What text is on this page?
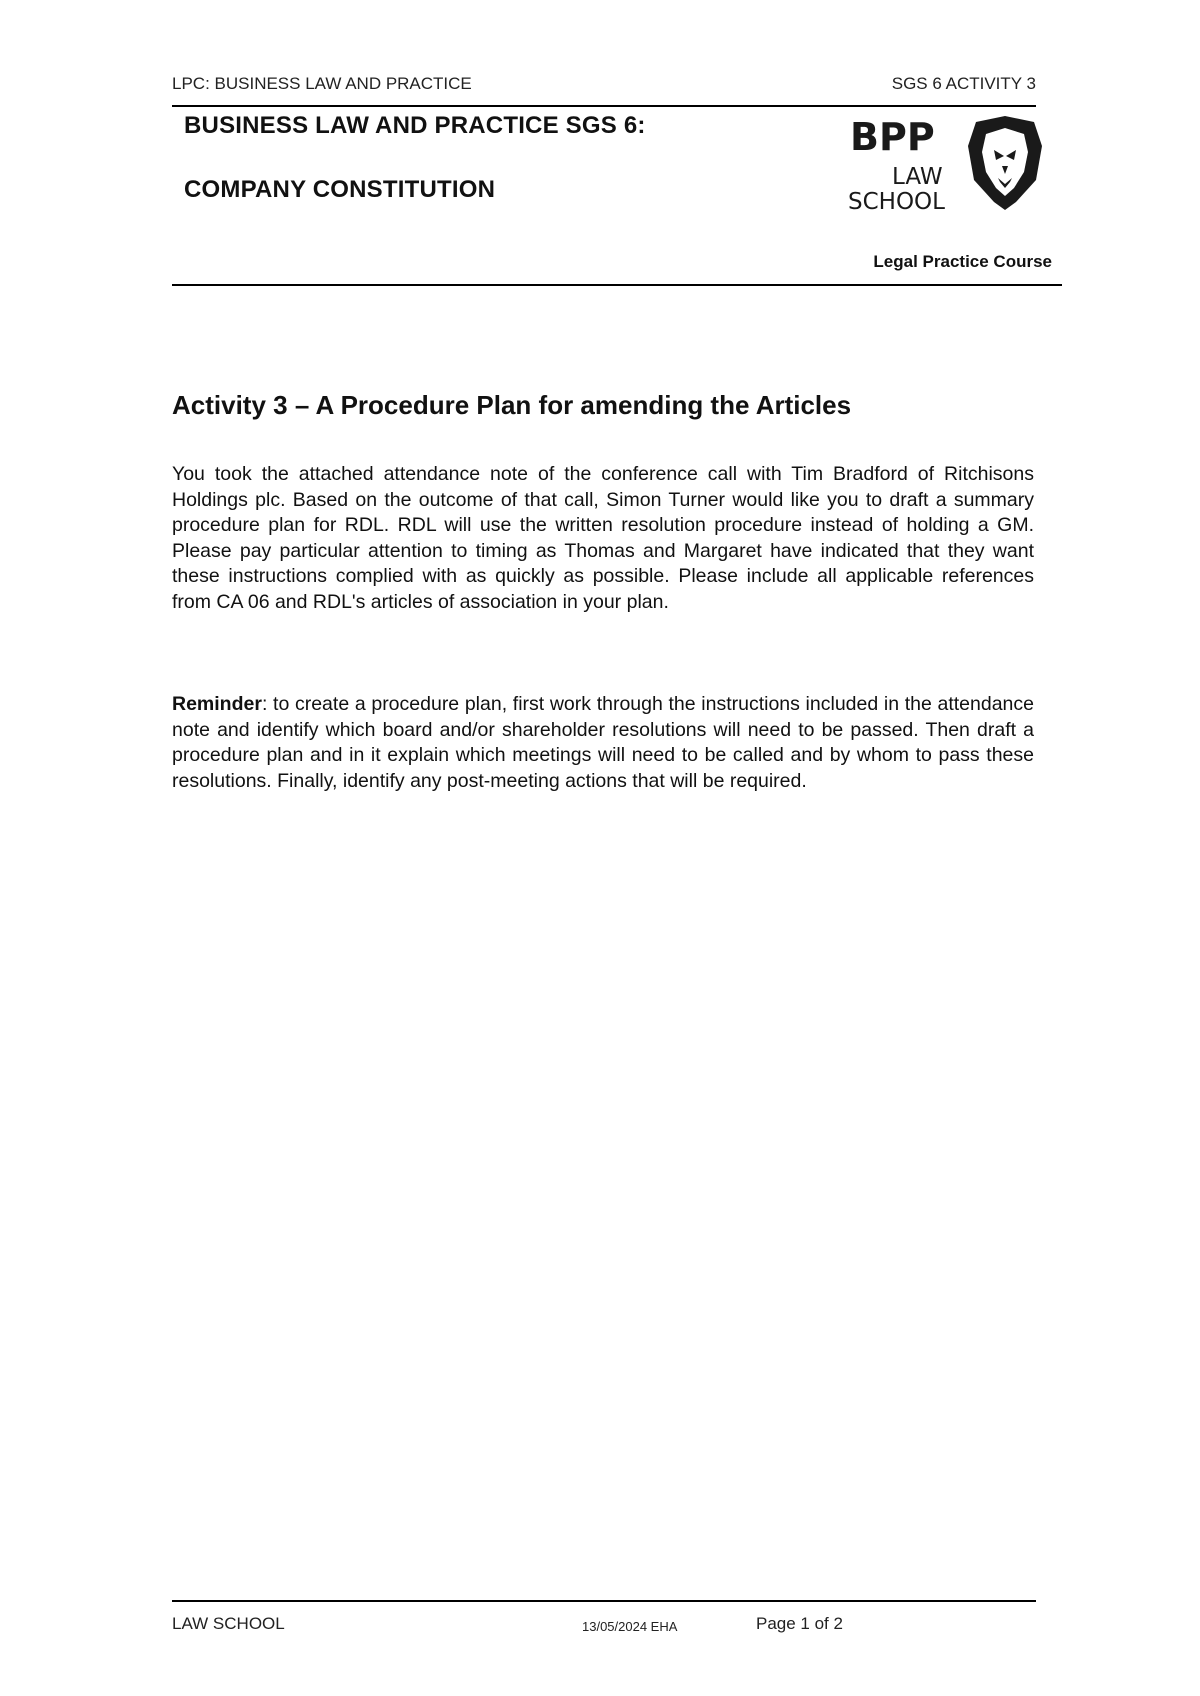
LPC: BUSINESS LAW AND PRACTICE	SGS 6 ACTIVITY 3
BUSINESS LAW AND PRACTICE SGS 6:
COMPANY CONSTITUTION
BPP
LAW
SCHOOL
Legal Practice Course
Activity 3 – A Procedure Plan for amending the Articles
You took the attached attendance note of the conference call with Tim Bradford of Ritchisons Holdings plc. Based on the outcome of that call, Simon Turner would like you to draft a summary procedure plan for RDL. RDL will use the written resolution procedure instead of holding a GM. Please pay particular attention to timing as Thomas and Margaret have indicated that they want these instructions complied with as quickly as possible. Please include all applicable references from CA 06 and RDL's articles of association in your plan.
Reminder: to create a procedure plan, first work through the instructions included in the attendance note and identify which board and/or shareholder resolutions will need to be passed. Then draft a procedure plan and in it explain which meetings will need to be called and by whom to pass these resolutions. Finally, identify any post-meeting actions that will be required.
LAW SCHOOL	13/05/2024 EHA	Page 1 of 2
